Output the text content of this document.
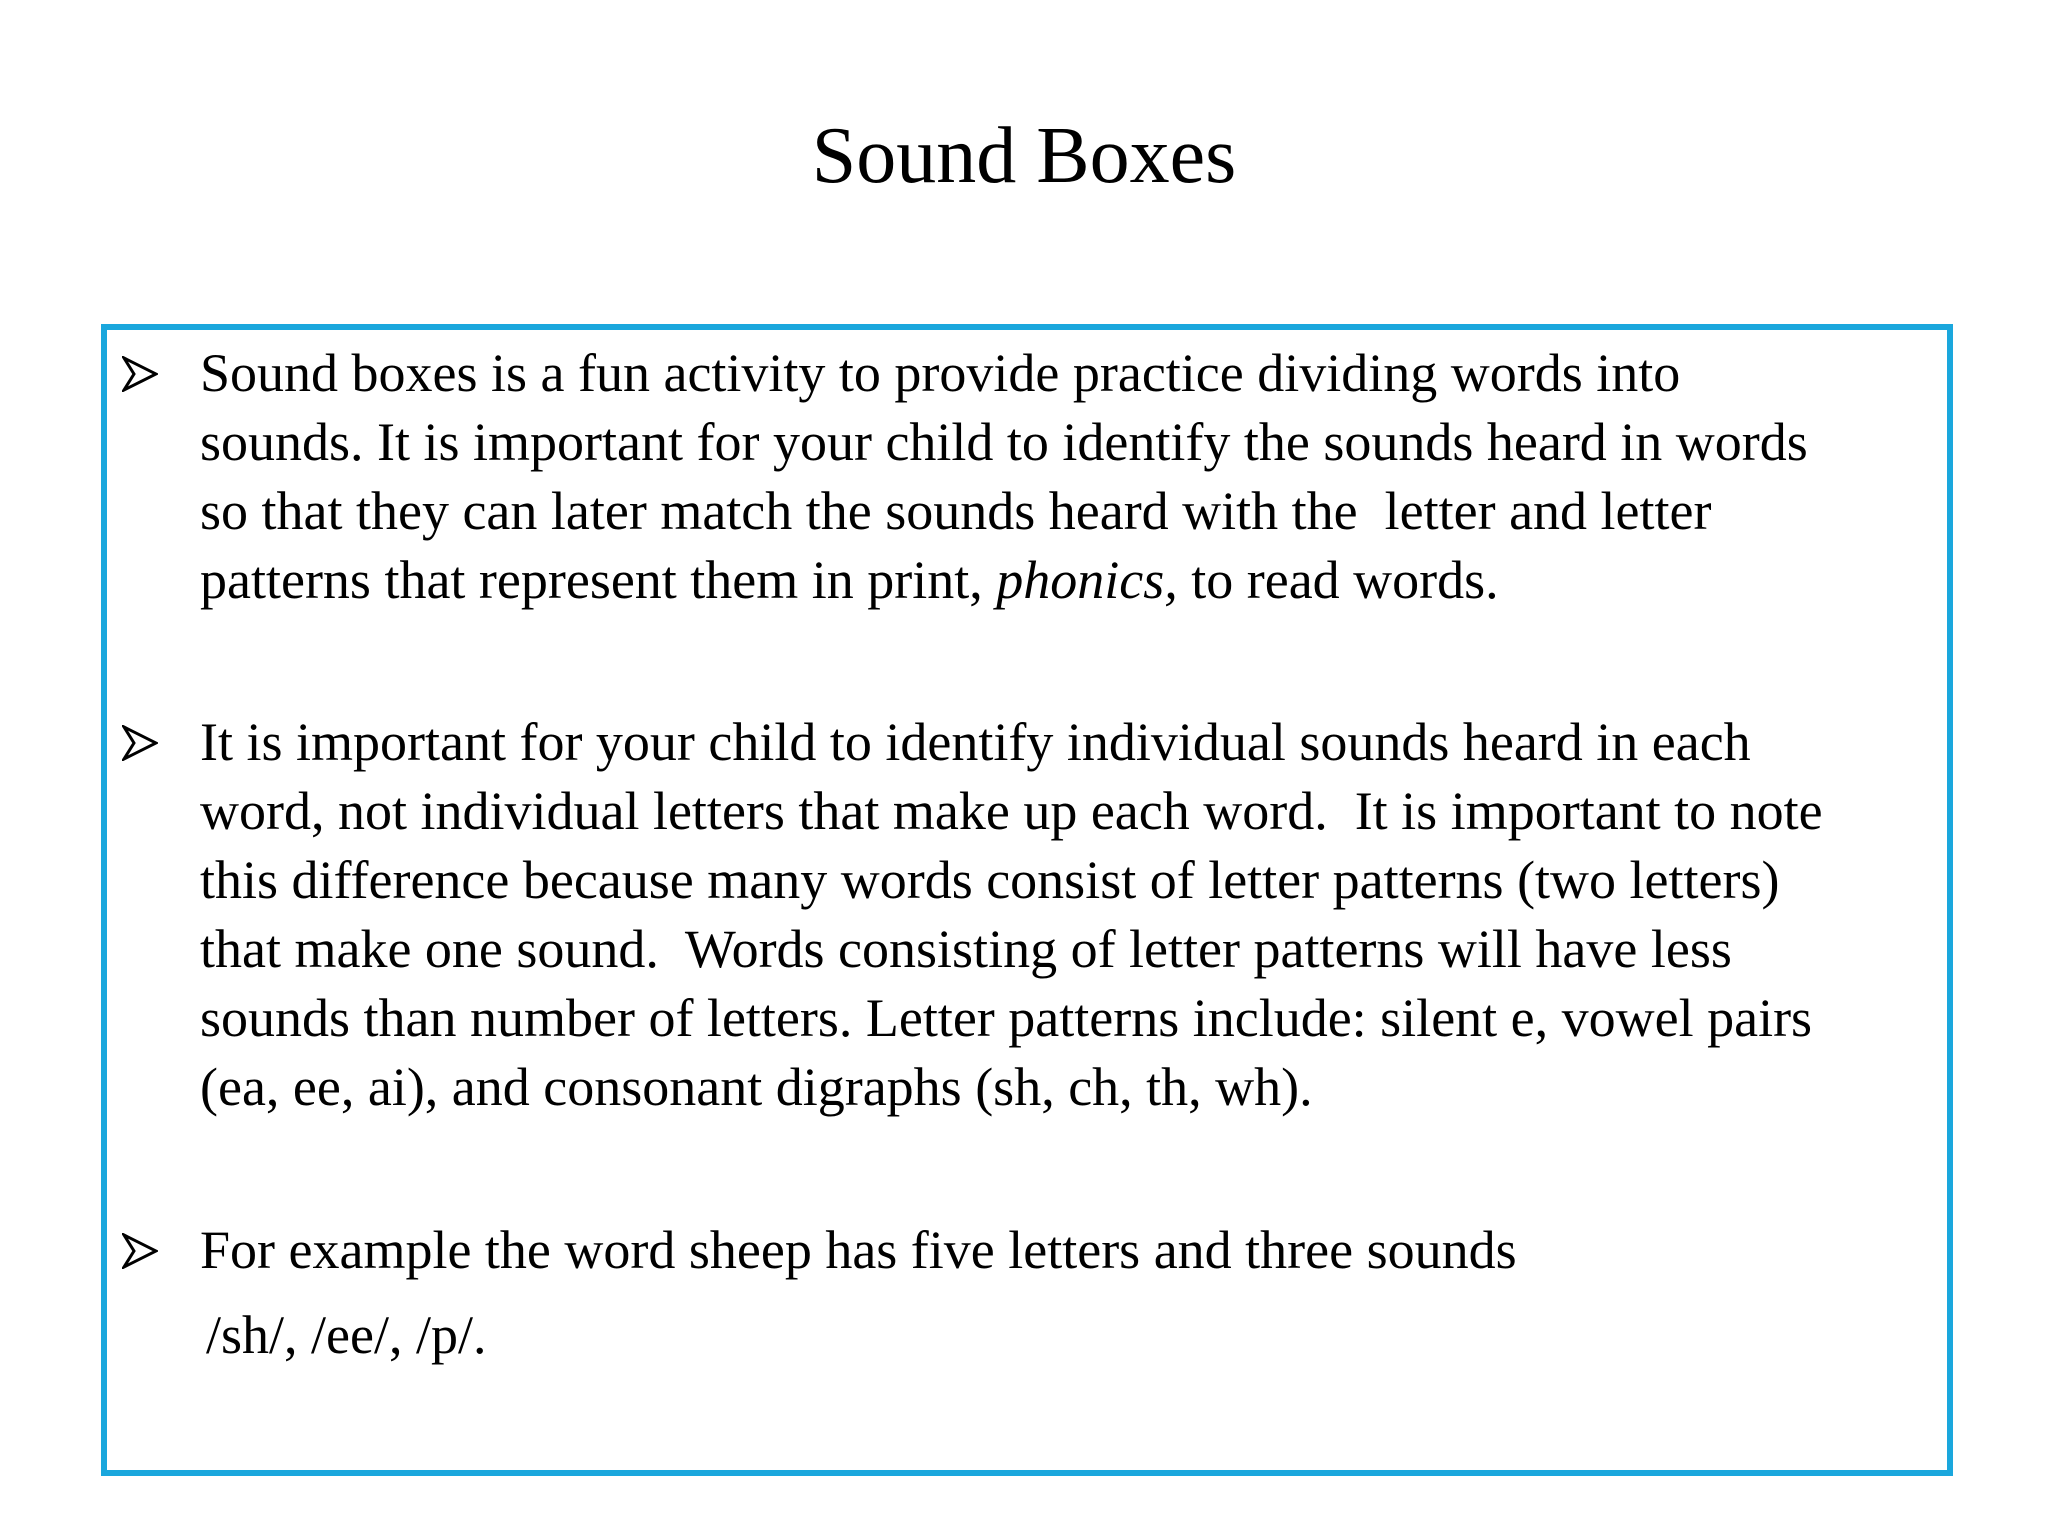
Sound Boxes

Sound boxes is a fun activity to provide practice dividing words into
sounds. It is important for your child to identify the sounds heard in words
so that they can later match the sounds heard with the  letter and letter
patterns that represent them in print, phonics, to read words.

It is important for your child to identify individual sounds heard in each
word, not individual letters that make up each word.  It is important to note
this difference because many words consist of letter patterns (two letters)
that make one sound.  Words consisting of letter patterns will have less
sounds than number of letters. Letter patterns include: silent e, vowel pairs
(ea, ee, ai), and consonant digraphs (sh, ch, th, wh).

For example the word sheep has five letters and three sounds

/sh/, /ee/, /p/.
